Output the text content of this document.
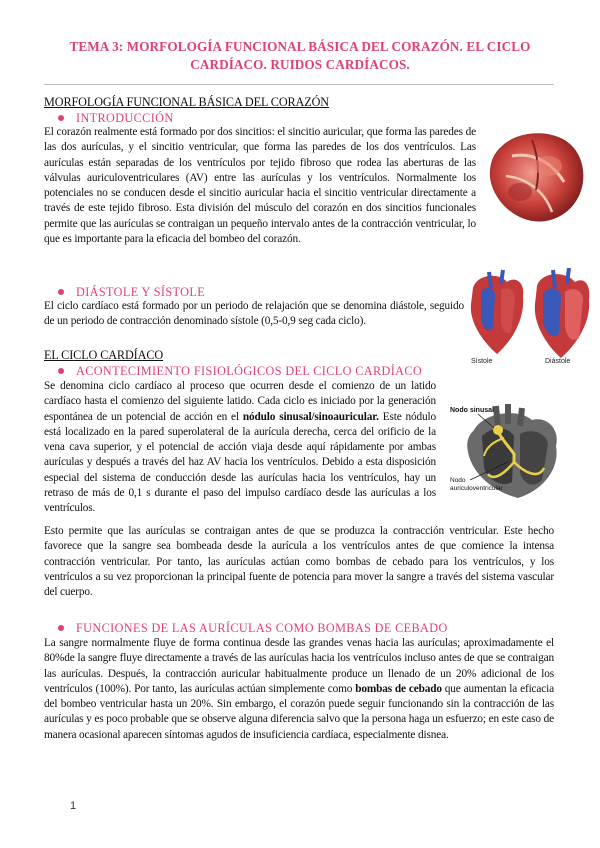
TEMA 3: MORFOLOGÍA FUNCIONAL BÁSICA DEL CORAZÓN. EL CICLO CARDÍACO. RUIDOS CARDÍACOS.
MORFOLOGÍA FUNCIONAL BÁSICA DEL CORAZÓN
INTRODUCCIÓN
El corazón realmente está formado por dos sincitios: el sincitio auricular, que forma las paredes de las dos aurículas, y el sincitio ventricular, que forma las paredes de los dos ventrículos. Las aurículas están separadas de los ventrículos por tejido fibroso que rodea las aberturas de las válvulas auriculoventriculares (AV) entre las aurículas y los ventrículos. Normalmente los potenciales no se conducen desde el sincitio auricular hacia el sincitio ventricular directamente a través de este tejido fibroso. Esta división del músculo del corazón en dos sincitios funcionales permite que las aurículas se contraigan un pequeño intervalo antes de la contracción ventricular, lo que es importante para la eficacia del bombeo del corazón.
DIÁSTOLE Y SÍSTOLE
El ciclo cardíaco está formado por un periodo de relajación que se denomina diástole, seguido de un periodo de contracción denominado sístole (0,5-0,9 seg cada ciclo).
Sístole	Diástole
EL CICLO CARDÍACO
ACONTECIMIENTO FISIOLÓGICOS DEL CICLO CARDÍACO
Nodo sinusal
Nodo
auriculoventricular
Se denomina ciclo cardíaco al proceso que ocurren desde el comienzo de un latido cardíaco hasta el comienzo del siguiente latido. Cada ciclo es iniciado por la generación espontánea de un potencial de acción en el nódulo sinusal/sinoauricular. Este nódulo está localizado en la pared superolateral de la aurícula derecha, cerca del orificio de la vena cava superior, y el potencial de acción viaja desde aquí rápidamente por ambas aurículas y después a través del haz AV hacia los ventrículos. Debido a esta disposición especial del sistema de conducción desde las aurículas hacia los ventrículos, hay un retraso de más de 0,1 s durante el paso del impulso cardíaco desde las aurículas a los ventrículos.
Esto permite que las aurículas se contraigan antes de que se produzca la contracción ventricular. Este hecho favorece que la sangre sea bombeada desde la aurícula a los ventrículos antes de que comience la intensa contracción ventricular. Por tanto, las aurículas actúan como bombas de cebado para los ventrículos, y los ventrículos a su vez proporcionan la principal fuente de potencia para mover la sangre a través del sistema vascular del cuerpo.
FUNCIONES DE LAS AURÍCULAS COMO BOMBAS DE CEBADO
La sangre normalmente fluye de forma continua desde las grandes venas hacia las aurículas; aproximadamente el 80%de la sangre fluye directamente a través de las aurículas hacia los ventrículos incluso antes de que se contraigan las aurículas. Después, la contracción auricular habitualmente produce un llenado de un 20% adicional de los ventrículos (100%). Por tanto, las aurículas actúan simplemente como bombas de cebado que aumentan la eficacia del bombeo ventricular hasta un 20%. Sin embargo, el corazón puede seguir funcionando sin la contracción de las aurículas y es poco probable que se observe alguna diferencia salvo que la persona haga un esfuerzo; en este caso de manera ocasional aparecen síntomas agudos de insuficiencia cardíaca, especialmente disnea.
1
